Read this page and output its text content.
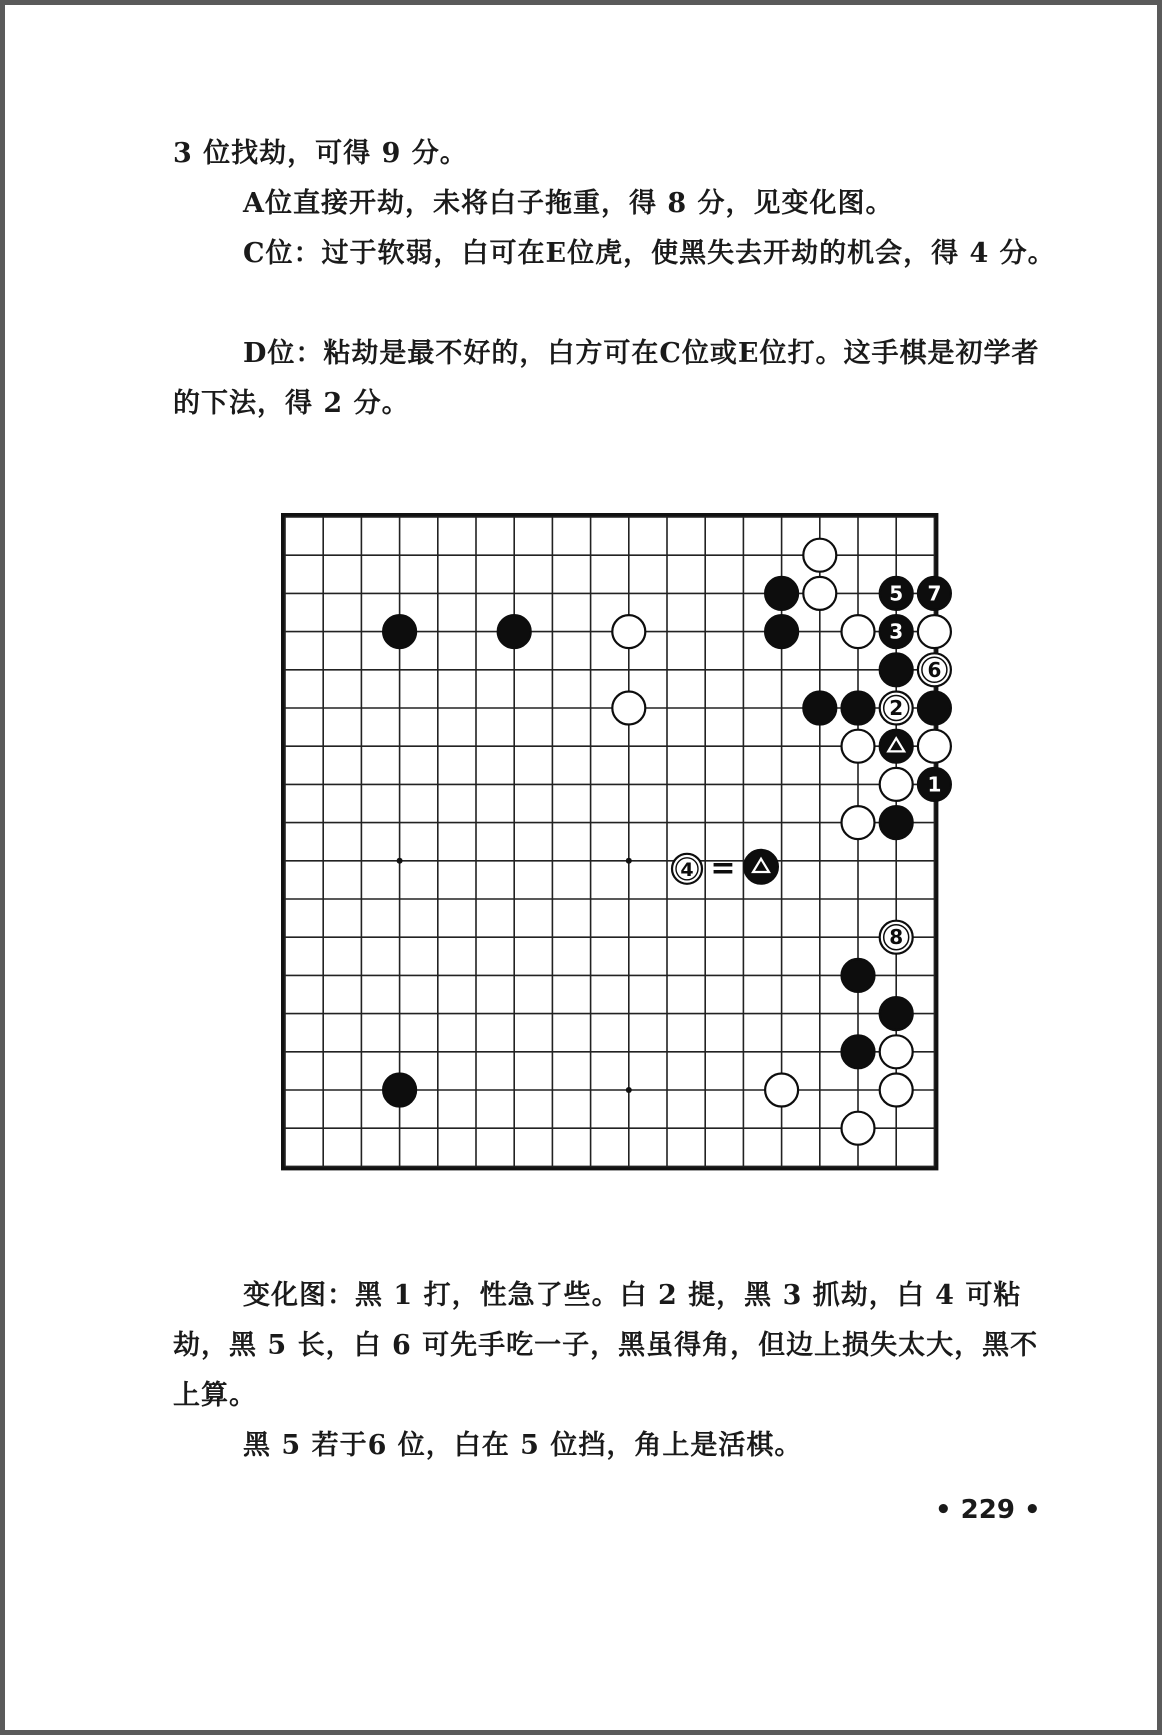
3 位找劫，可得 9 分。

A位直接开劫，未将白子拖重，得 8 分，见变化图。

C位：过于软弱，白可在E位虎，使黑失去开劫的机会，得 4 分。

D位：粘劫是最不好的，白方可在C位或E位打。这手棋是初学者的下法，得 2 分。

5 7
3
6
2
1
8
4 =

变化图：黑 1 打，性急了些。白 2 提，黑 3 抓劫，白 4 可粘劫，黑 5 长，白 6 可先手吃一子，黑虽得角，但边上损失太大，黑不上算。

黑 5 若于6 位，白在 5 位挡，角上是活棋。

• 229 •
